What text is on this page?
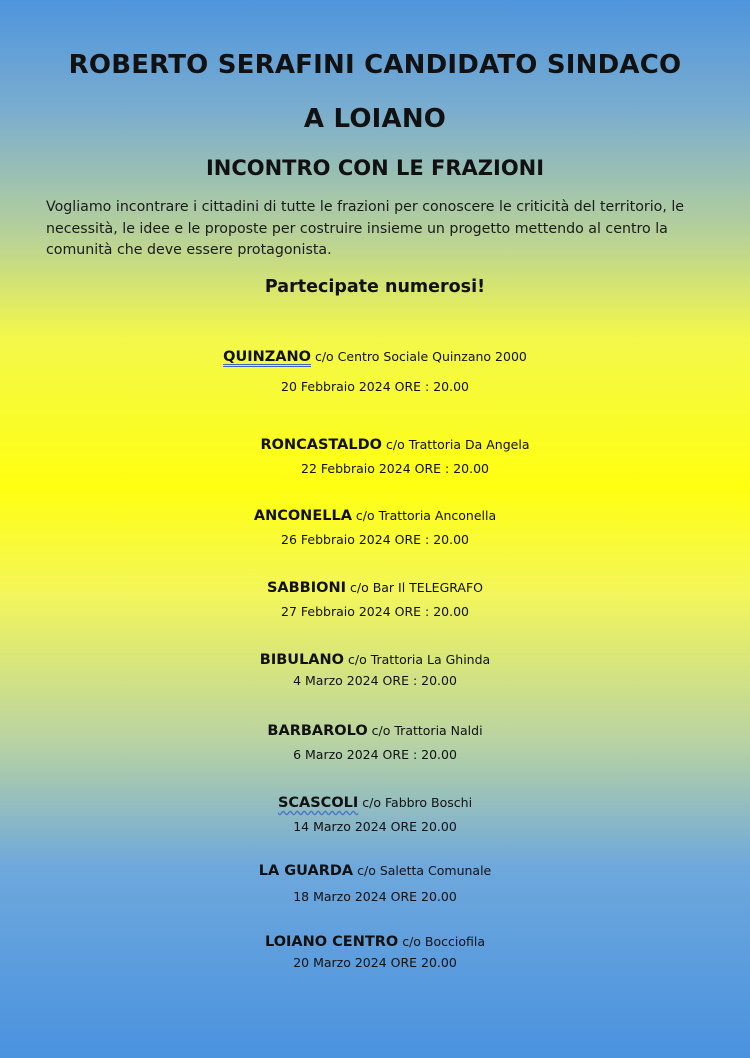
ROBERTO SERAFINI CANDIDATO SINDACO
A LOIANO
INCONTRO CON LE FRAZIONI
Vogliamo incontrare i cittadini di tutte le frazioni per conoscere le criticità del territorio, le necessità, le idee e le proposte per costruire insieme un progetto mettendo al centro la comunità che deve essere protagonista.
Partecipate numerosi!
QUINZANO c/o Centro Sociale Quinzano 2000
20 Febbraio 2024 ORE : 20.00
RONCASTALDO c/o Trattoria Da Angela
22 Febbraio 2024 ORE : 20.00
ANCONELLA c/o Trattoria Anconella
26 Febbraio 2024 ORE : 20.00
SABBIONI c/o Bar Il TELEGRAFO
27 Febbraio 2024 ORE : 20.00
BIBULANO c/o Trattoria La Ghinda
4 Marzo 2024 ORE : 20.00
BARBAROLO c/o Trattoria Naldi
6 Marzo 2024 ORE : 20.00
SCASCOLI c/o Fabbro Boschi
14 Marzo 2024 ORE 20.00
LA GUARDA c/o Saletta Comunale
18 Marzo 2024 ORE 20.00
LOIANO CENTRO c/o Bocciofila
20 Marzo 2024 ORE 20.00
